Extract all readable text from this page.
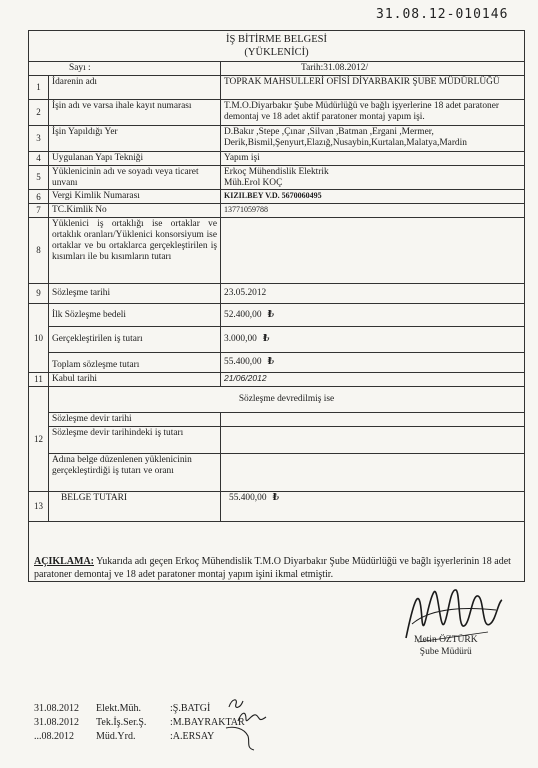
31.08.12-010146
İŞ BİTİRME BELGESİ
(YÜKLENİCİ)		

Sayı :		Tarih:31.08.2012/
1	İdarenin adı	TOPRAK MAHSULLERİ OFİSİ DİYARBAKIR ŞUBE MÜDÜRLÜĞÜ
2	İşin adı ve varsa ihale kayıt numarası	T.M.O.Diyarbakır Şube Müdürlüğü ve bağlı işyerlerine 18 adet paratoner demontaj ve 18 adet aktif paratoner montaj yapım işi.
3	İşin Yapıldığı Yer	D.Bakır ,Stepe ,Çınar ,Silvan ,Batman ,Ergani ,Mermer,
Derik,Bismil,Şenyurt,Elazığ,Nusaybin,Kurtalan,Malatya,Mardin

4	Uygulanan Yapı Tekniği	Yapım işi
5	Yüklenicinin adı ve soyadı veya ticaret unvanı	Erkoç Mühendislik Elektrik
Müh.Erol KOÇ

6	Vergi Kimlik Numarası	KIZILBEY V.D. 5670060495
7	TC.Kimlik No	13771059788
8	Yüklenici iş ortaklığı ise ortaklar ve ortaklık oranları/Yüklenici konsorsiyum ise ortaklar ve bu ortaklarca gerçekleştirilen iş kısımları ile bu kısımların tutarı	
9	Sözleşme tarihi	23.05.2012
10	İlk Sözleşme bedeli	52.400,00 ₺
	Gerçekleştirilen iş tutarı	3.000,00 ₺
	Toplam sözleşme tutarı	55.400,00 ₺
11	Kabul tarihi	21/06/2012
12	Sözleşme devredilmiş ise	
	Sözleşme devir tarihi	
	Sözleşme devir tarihindeki iş tutarı	
	Adına belge düzenlenen yüklenicinin gerçekleştirdiği iş tutarı ve oranı	
13	BELGE TUTARI	55.400,00 ₺

AÇIKLAMA: Yukarıda adı geçen Erkoç Mühendislik T.M.O Diyarbakır Şube Müdürlüğü ve bağlı işyerlerinin 18 adet paratoner demontaj ve 18 adet paratoner montaj yapım işini ikmal etmiştir.
Metin ÖZTÜRK
Şube Müdürü
31.08.2012	Elekt.Müh.	:Ş.BATGİ
31.08.2012	Tek.İş.Ser.Ş.	:M.BAYRAKTAR
...08.2012	Müd.Yrd.	:A.ERSAY
